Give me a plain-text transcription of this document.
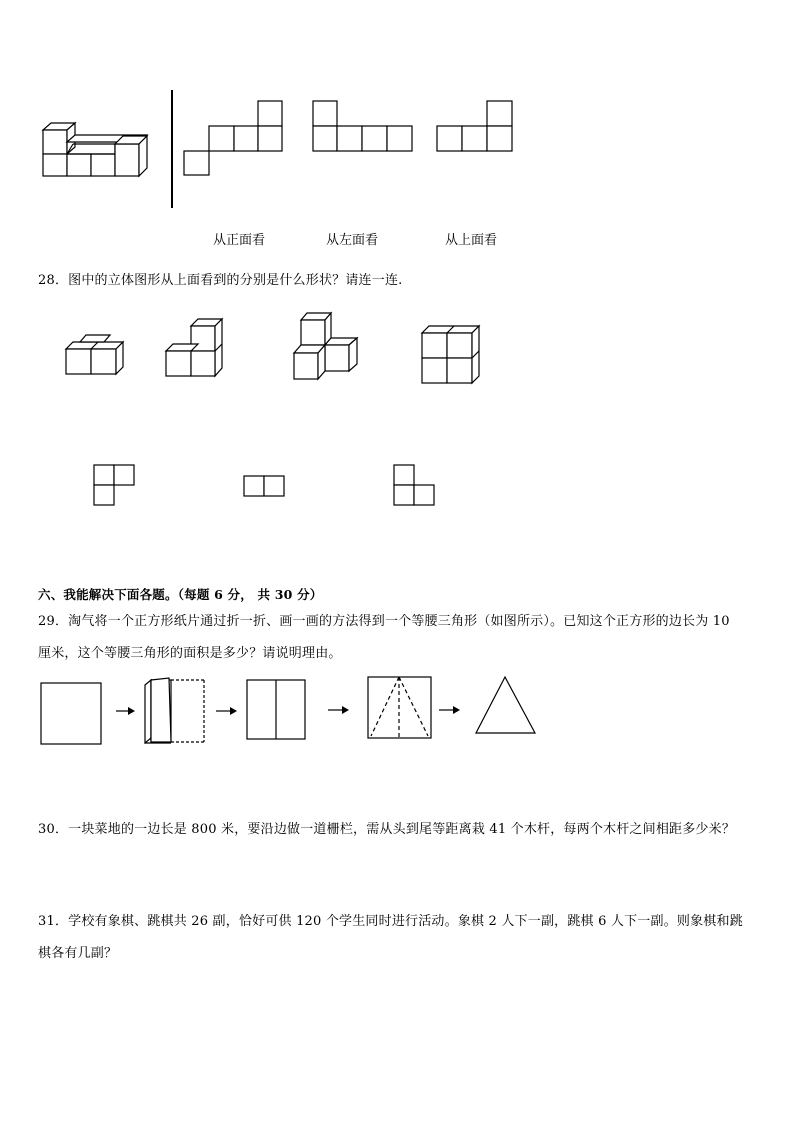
从正面看	从左面看	从上面看
28．图中的立体图形从上面看到的分别是什么形状？请连一连.
六、我能解决下面各题。（每题 6 分， 共 30 分）
29．淘气将一个正方形纸片通过折一折、画一画的方法得到一个等腰三角形（如图所示）。已知这个正方形的边长为 10
厘米，这个等腰三角形的面积是多少？请说明理由。
30．一块菜地的一边长是 800 米，要沿边做一道栅栏，需从头到尾等距离栽 41 个木杆，每两个木杆之间相距多少米？
31．学校有象棋、跳棋共 26 副，恰好可供 120 个学生同时进行活动。象棋 2 人下一副，跳棋 6 人下一副。则象棋和跳
棋各有几副？
